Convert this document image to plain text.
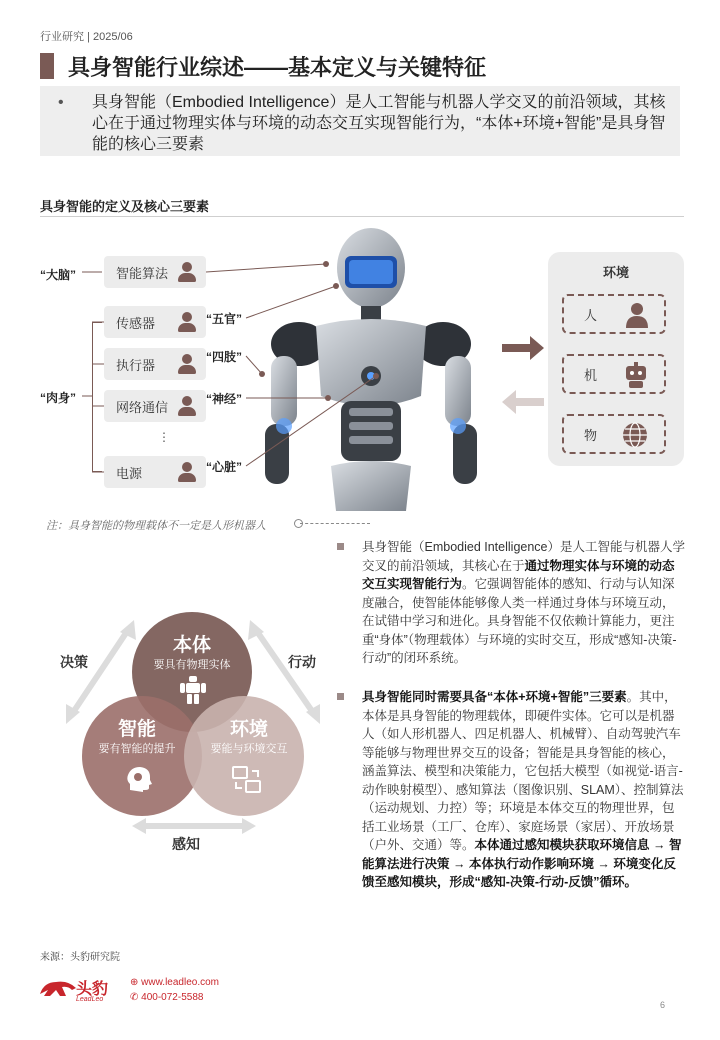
行业研究 | 2025/06
具身智能行业综述——基本定义与关键特征
• 具身智能（Embodied Intelligence）是人工智能与机器人学交叉的前沿领域，其核心在于通过物理实体与环境的动态交互实现智能行为，“本体+环境+智能”是具身智能的核心三要素
具身智能的定义及核心三要素
“大脑”
“肉身”
智能算法
传感器	“五官”
执行器
“四肢”
网络通信
“神经”
⋮
电源	“心脏”
环境
人
机
物
注：具身智能的物理载体不一定是人形机器人
本体
要具有物理实体
智能
要有智能的提升
环境
要能与环境交互
决策	行动
感知

具身智能（Embodied Intelligence）是人工智能与机器人学交叉的前沿领域，其核心在于通过物理实体与环境的动态交互实现智能行为。它强调智能体的感知、行动与认知深度融合，使智能体能够像人类一样通过身体与环境互动，在试错中学习和进化。具身智能不仅依赖计算能力，更注重“身体”（物理载体）与环境的实时交互，形成“感知-决策-行动”的闭环系统。

具身智能同时需要具备“本体+环境+智能”三要素。其中，本体是具身智能的物理载体，即硬件实体。它可以是机器人（如人形机器人、四足机器人、机械臂）、自动驾驶汽车等能够与物理世界交互的设备；智能是具身智能的核心，涵盖算法、模型和决策能力，它包括大模型（如视觉-语言-动作映射模型）、感知算法（图像识别、SLAM）、控制算法（运动规划、力控）等；环境是本体交互的物理世界，包括工业场景（工厂、仓库）、家庭场景（家居）、开放场景（户外、交通）等。本体通过感知模块获取环境信息 → 智能算法进行决策 → 本体执行动作影响环境 → 环境变化反馈至感知模块，形成“感知-决策-行动-反馈”循环。

来源：头豹研究院
头豹
LeadLeo
⊕ www.leadleo.com
✆ 400-072-5588
6
